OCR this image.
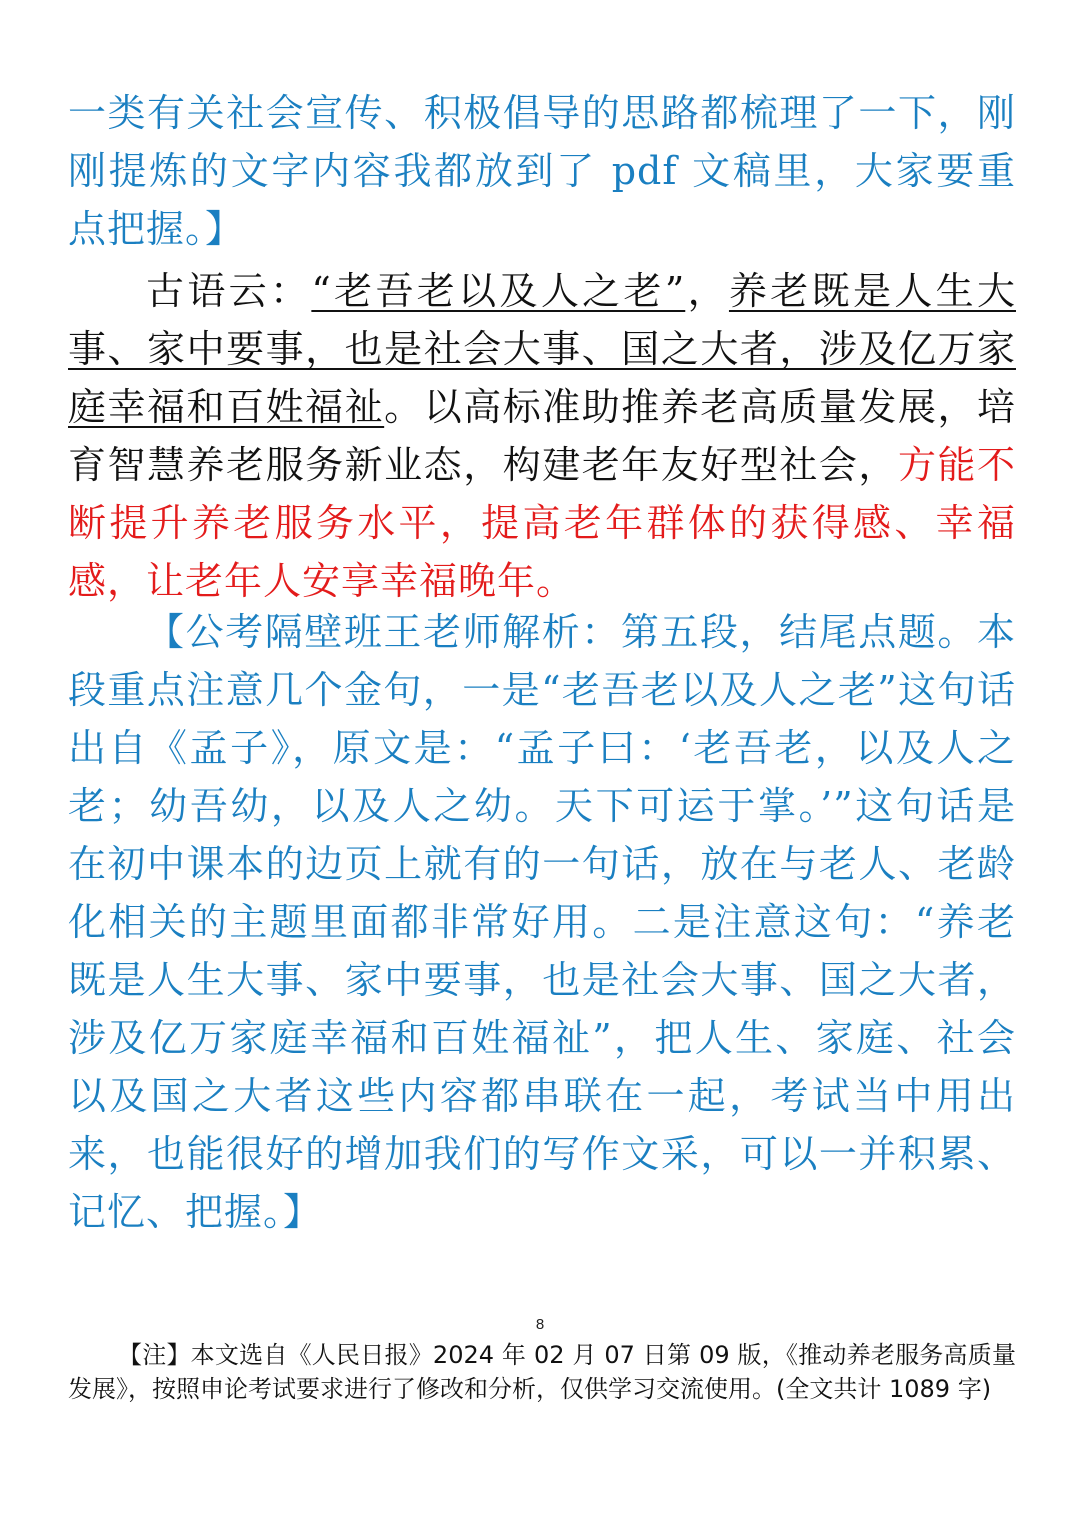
一类有关社会宣传、积极倡导的思路都梳理了一下，刚刚提炼的文字内容我都放到了 pdf 文稿里，大家要重点把握。】

古语云：“老吾老以及人之老”，养老既是人生大事、家中要事，也是社会大事、国之大者，涉及亿万家庭幸福和百姓福祉。以高标准助推养老高质量发展，培育智慧养老服务新业态，构建老年友好型社会，方能不断提升养老服务水平，提高老年群体的获得感、幸福感，让老年人安享幸福晚年。

【公考隔壁班王老师解析：第五段，结尾点题。本段重点注意几个金句，一是“老吾老以及人之老”这句话出自《孟子》，原文是：“孟子曰：‘老吾老，以及人之老；幼吾幼，以及人之幼。天下可运于掌。’”这句话是在初中课本的边页上就有的一句话，放在与老人、老龄化相关的主题里面都非常好用。二是注意这句：“养老既是人生大事、家中要事，也是社会大事、国之大者，涉及亿万家庭幸福和百姓福祉”，把人生、家庭、社会以及国之大者这些内容都串联在一起，考试当中用出来，也能很好的增加我们的写作文采，可以一并积累、记忆、把握。】

8
【注】本文选自《人民日报》2024 年 02 月 07 日第 09 版，《推动养老服务高质量发展》，按照申论考试要求进行了修改和分析，仅供学习交流使用。(全文共计 1089 字)
